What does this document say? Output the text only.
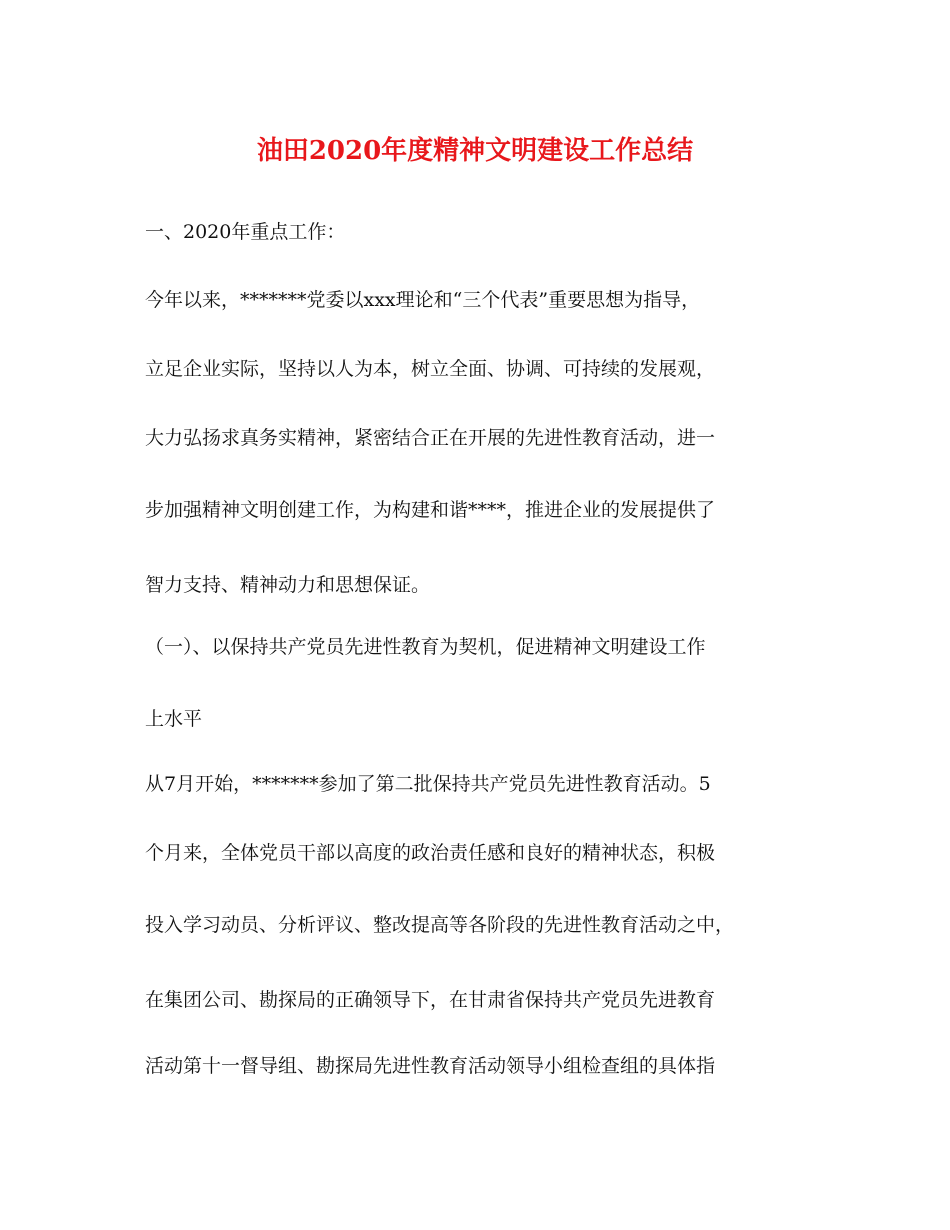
油田2020年度精神文明建设工作总结
一、2020年重点工作：
今年以来，*******党委以xxx理论和“三个代表”重要思想为指导，
立足企业实际，坚持以人为本，树立全面、协调、可持续的发展观，
大力弘扬求真务实精神，紧密结合正在开展的先进性教育活动，进一
步加强精神文明创建工作，为构建和谐****，推进企业的发展提供了
智力支持、精神动力和思想保证。
（一）、以保持共产党员先进性教育为契机，促进精神文明建设工作
上水平
从7月开始，*******参加了第二批保持共产党员先进性教育活动。5
个月来，全体党员干部以高度的政治责任感和良好的精神状态，积极
投入学习动员、分析评议、整改提高等各阶段的先进性教育活动之中，
在集团公司、勘探局的正确领导下，在甘肃省保持共产党员先进教育
活动第十一督导组、勘探局先进性教育活动领导小组检查组的具体指
